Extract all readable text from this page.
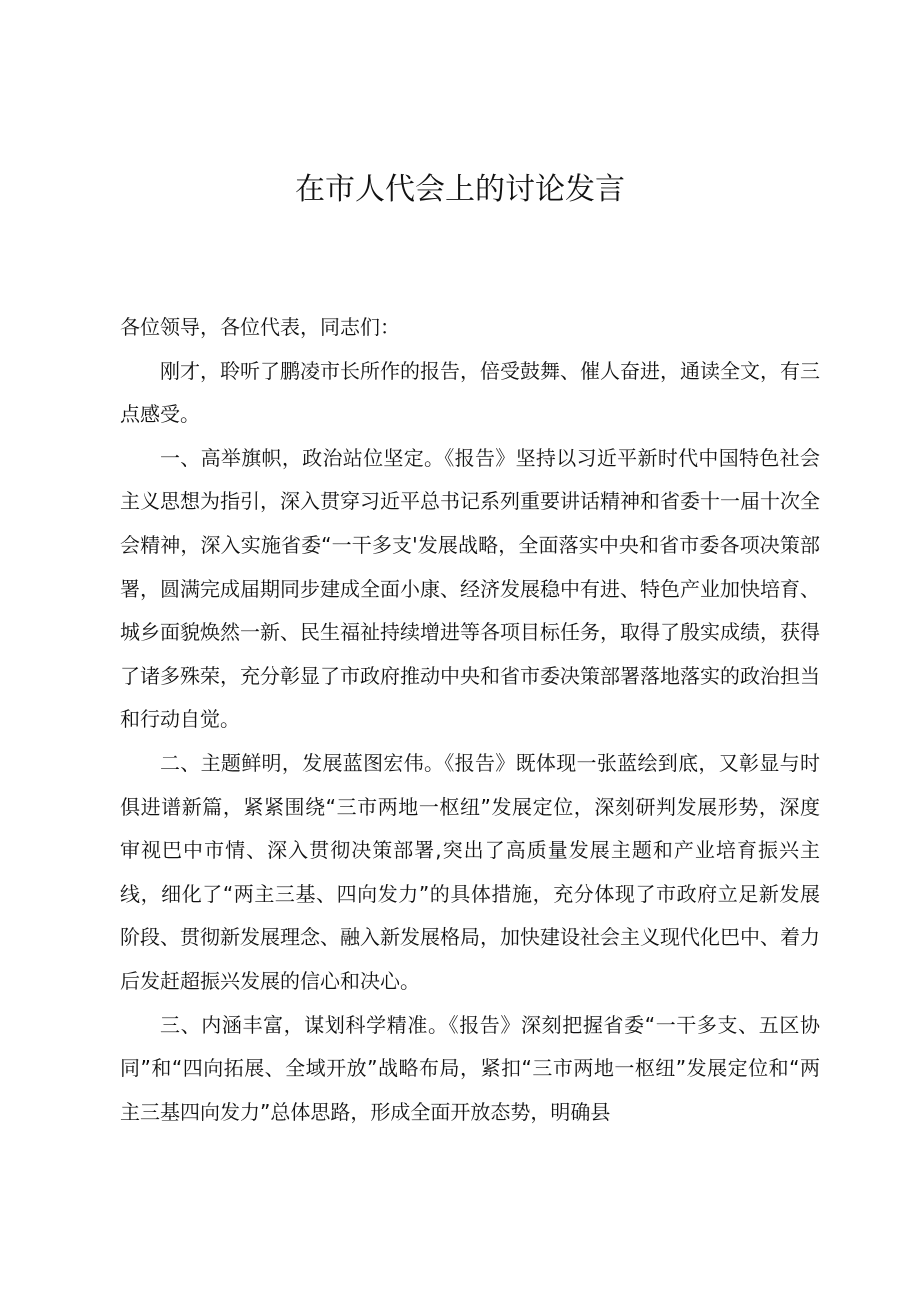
在市人代会上的讨论发言

各位领导，各位代表，同志们：

刚才，聆听了鹏凌市长所作的报告，倍受鼓舞、催人奋进，通读全文，有三点感受。

一、高举旗帜，政治站位坚定。《报告》坚持以习近平新时代中国特色社会主义思想为指引，深入贯穿习近平总书记系列重要讲话精神和省委十一届十次全会精神，深入实施省委“一干多支'发展战略，全面落实中央和省市委各项决策部署，圆满完成届期同步建成全面小康、经济发展稳中有进、特色产业加快培育、城乡面貌焕然一新、民生福祉持续增进等各项目标任务，取得了殷实成绩，获得了诸多殊荣，充分彰显了市政府推动中央和省市委决策部署落地落实的政治担当和行动自觉。

二、主题鲜明，发展蓝图宏伟。《报告》既体现一张蓝绘到底，又彰显与时俱进谱新篇，紧紧围绕“三市两地一枢纽”发展定位，深刻研判发展形势，深度审视巴中市情、深入贯彻决策部署,突出了高质量发展主题和产业培育振兴主线，细化了“两主三基、四向发力”的具体措施，充分体现了市政府立足新发展阶段、贯彻新发展理念、融入新发展格局，加快建设社会主义现代化巴中、着力后发赶超振兴发展的信心和决心。

三、内涵丰富，谋划科学精准。《报告》深刻把握省委“一干多支、五区协同”和“四向拓展、全域开放”战略布局，紧扣“三市两地一枢纽”发展定位和“两主三基四向发力”总体思路，形成全面开放态势，明确县
